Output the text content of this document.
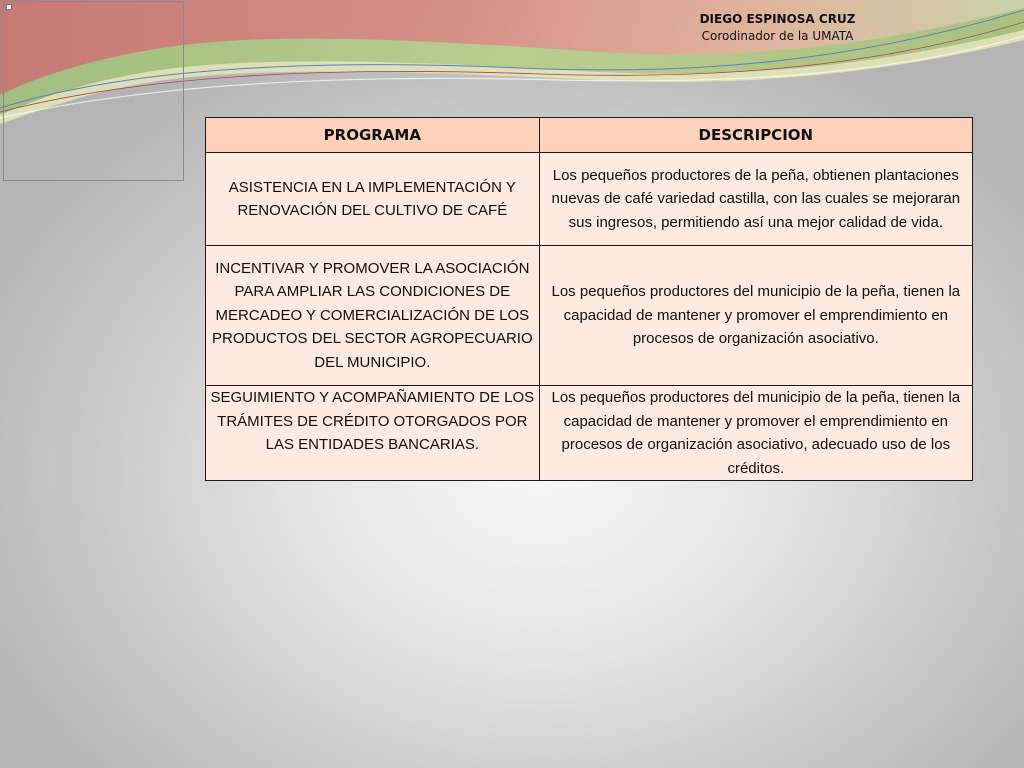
DIEGO ESPINOSA CRUZ
Corodinador de la UMATA
PROGRAMA	DESCRIPCION
ASISTENCIA EN LA IMPLEMENTACIÓN Y RENOVACIÓN DEL CULTIVO DE CAFÉ	Los pequeños productores de la peña, obtienen plantaciones nuevas de café variedad castilla, con las cuales se mejoraran sus ingresos, permitiendo así una mejor calidad de vida.
INCENTIVAR Y PROMOVER LA ASOCIACIÓN PARA AMPLIAR LAS CONDICIONES DE MERCADEO Y COMERCIALIZACIÓN DE LOS PRODUCTOS DEL SECTOR AGROPECUARIO DEL MUNICIPIO.	Los pequeños productores del municipio de la peña, tienen la capacidad de mantener y promover el emprendimiento en procesos de organización asociativo.
SEGUIMIENTO Y ACOMPAÑAMIENTO DE LOS TRÁMITES DE CRÉDITO OTORGADOS POR LAS ENTIDADES BANCARIAS.	Los pequeños productores del municipio de la peña, tienen la capacidad de mantener y promover el emprendimiento en procesos de organización asociativo, adecuado uso de los créditos.
